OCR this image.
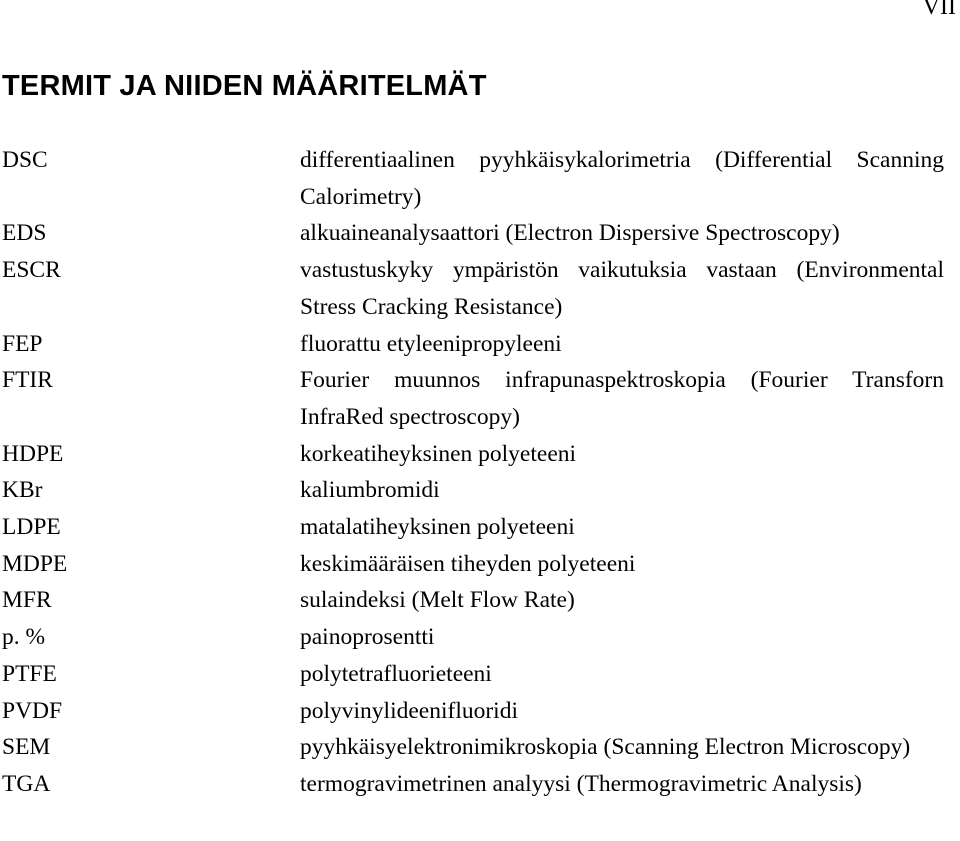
VII
TERMIT JA NIIDEN MÄÄRITELMÄT
DSC	differentiaalinen pyyhkäisykalorimetria (Differential Scanning Calorimetry)
EDS	alkuaineanalysaattori (Electron Dispersive Spectroscopy)
ESCR	vastustuskyky ympäristön vaikutuksia vastaan (Environmental Stress Cracking Resistance)
FEP	fluorattu etyleenipropyleeni
FTIR	Fourier muunnos infrapunaspektroskopia (Fourier Transforn InfraRed spectroscopy)
HDPE	korkeatiheyksinen polyeteeni
KBr	kaliumbromidi
LDPE	matalatiheyksinen polyeteeni
MDPE	keskimääräisen tiheyden polyeteeni
MFR	sulaindeksi (Melt Flow Rate)
p. %	painoprosentti
PTFE	polytetrafluorieteeni
PVDF	polyvinylideenifluoridi
SEM	pyyhkäisyelektronimikroskopia (Scanning Electron Microscopy)
TGA	termogravimetrinen analyysi (Thermogravimetric Analysis)
